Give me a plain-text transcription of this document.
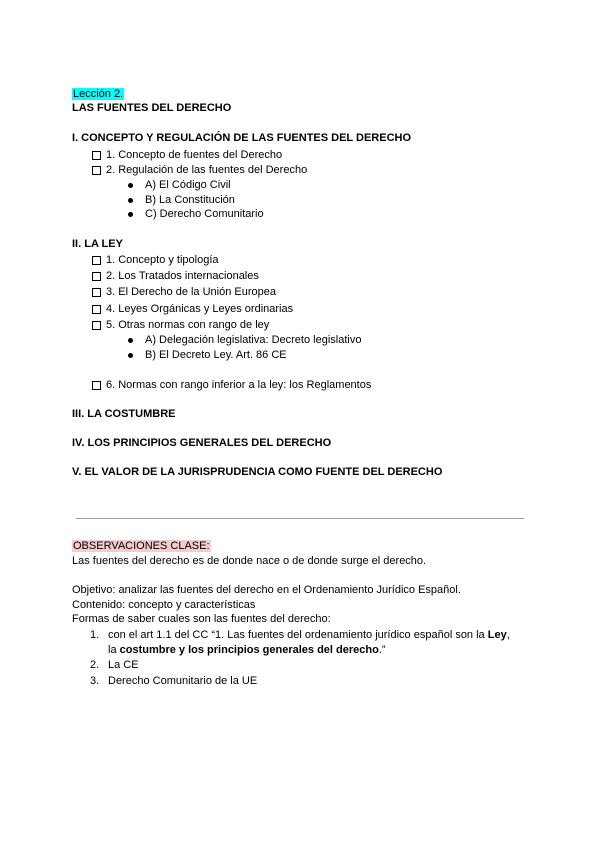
Lección 2.
LAS FUENTES DEL DERECHO
I. CONCEPTO Y REGULACIÓN DE LAS FUENTES DEL DERECHO
1. Concepto de fuentes del Derecho
2. Regulación de las fuentes del Derecho
A) El Código Civil
B) La Constitución
C) Derecho Comunitario
II. LA LEY
1. Concepto y tipología
2. Los Tratados internacionales
3. El Derecho de la Unión Europea
4. Leyes Orgánicas y Leyes ordinarias
5. Otras normas con rango de ley
A) Delegación legislativa: Decreto legislativo
B) El Decreto Ley. Art. 86 CE
6. Normas con rango inferior a la ley: los Reglamentos
III. LA COSTUMBRE
IV. LOS PRINCIPIOS GENERALES DEL DERECHO
V. EL VALOR DE LA JURISPRUDENCIA COMO FUENTE DEL DERECHO
OBSERVACIONES CLASE:
Las fuentes del derecho es de donde nace o de donde surge el derecho.
Objetivo: analizar las fuentes del derecho en el Ordenamiento Jurídico Español.
Contenido: concepto y características
Formas de saber cuales son las fuentes del derecho:
1. con el art 1.1 del CC “1. Las fuentes del ordenamiento jurídico español son la Ley,
la costumbre y los principios generales del derecho.”
2. La CE
3. Derecho Comunitario de la UE
